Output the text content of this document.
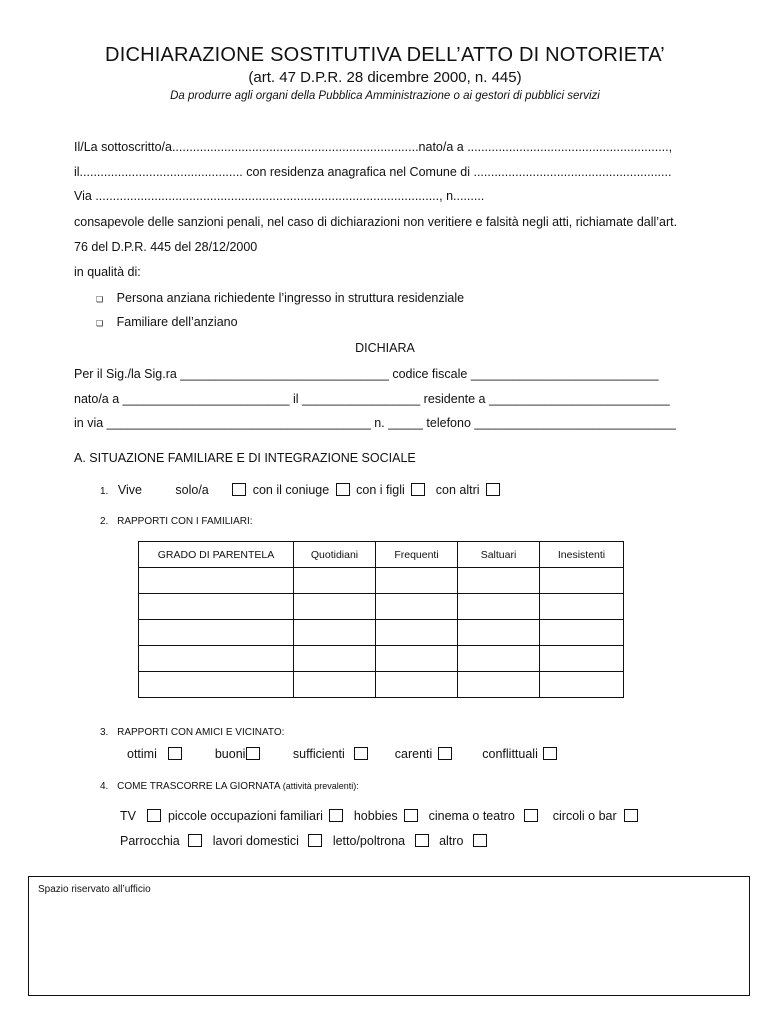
DICHIARAZIONE SOSTITUTIVA DELL’ATTO DI NOTORIETA’
(art. 47 D.P.R. 28 dicembre 2000, n. 445)
Da produrre agli organi della Pubblica Amministrazione o ai gestori di pubblici servizi
Il/La sottoscritto/a.......................................................................nato/a a ..........................................................,
il............................................... con residenza anagrafica nel Comune di .........................................................
Via ..................................................................................................., n.........
consapevole delle sanzioni penali, nel caso di dichiarazioni non veritiere e falsità negli atti, richiamate dall’art.
76 del D.P.R. 445 del 28/12/2000
in qualità di:
❑ Persona anziana richiedente l’ingresso in struttura residenziale
❑ Familiare dell’anziano
DICHIARA
Per il Sig./la Sig.ra ______________________________ codice fiscale ___________________________
nato/a a ________________________ il _________________ residente a __________________________
in via ______________________________________ n. _____ telefono _____________________________
A. SITUAZIONE FAMILIARE E DI INTEGRAZIONE SOCIALE
1. Vive	solo/a	con il coniuge con i figli con altri
2. RAPPORTI CON I FAMILIARI:
GRADO DI PARENTELA	Quotidiani	Frequenti	Saltuari	Inesistenti

3. RAPPORTI CON AMICI E VICINATO:
ottimi	buoni	sufficienti	carenti	conflittuali
4. COME TRASCORRE LA GIORNATA (attività prevalenti):
TV	piccole occupazioni familiari hobbies cinema o teatro	circoli o bar
Parrocchia	lavori domestici	letto/poltrona	altro
Spazio riservato all’ufficio
